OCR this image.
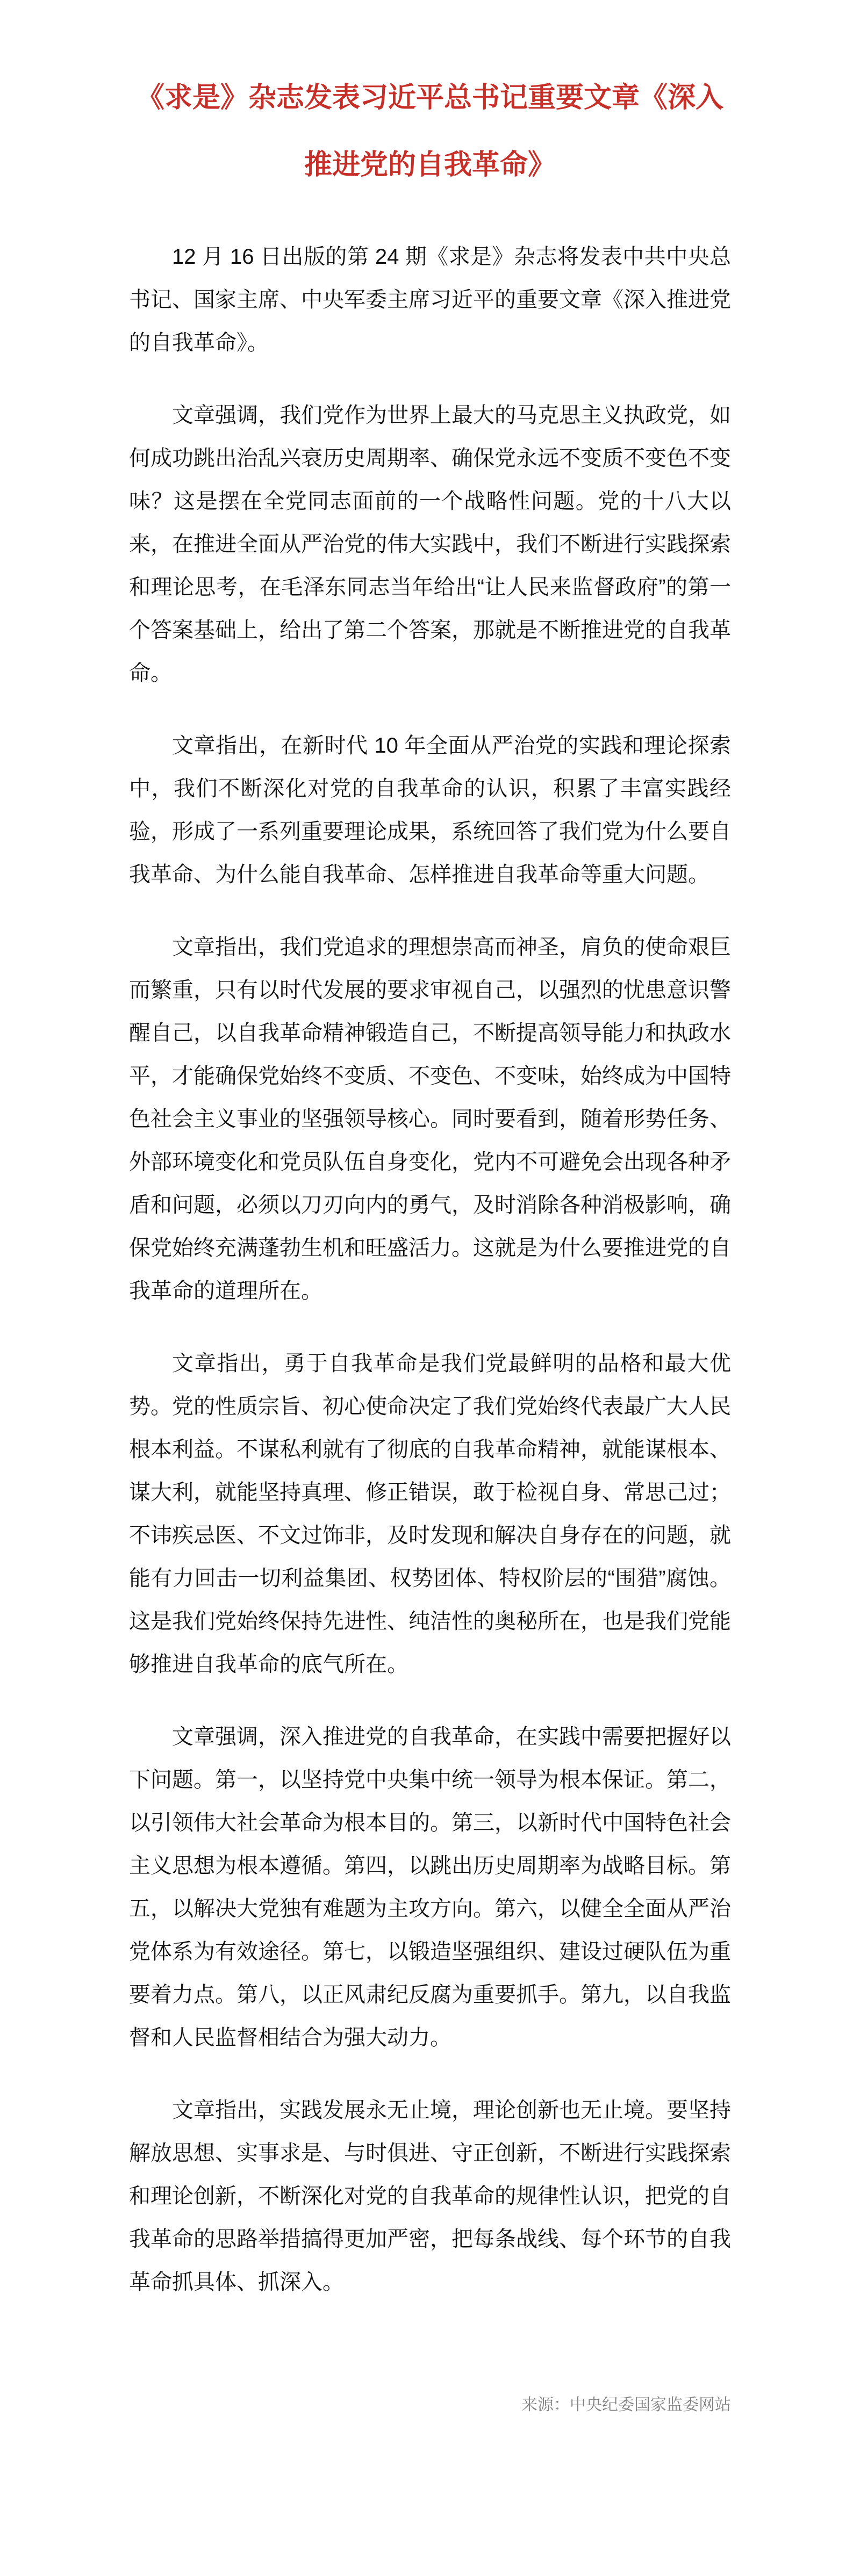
《求是》杂志发表习近平总书记重要文章《深入推进党的自我革命》

12 月 16 日出版的第 24 期《求是》杂志将发表中共中央总书记、国家主席、中央军委主席习近平的重要文章《深入推进党的自我革命》。

文章强调，我们党作为世界上最大的马克思主义执政党，如何成功跳出治乱兴衰历史周期率、确保党永远不变质不变色不变味？这是摆在全党同志面前的一个战略性问题。党的十八大以来，在推进全面从严治党的伟大实践中，我们不断进行实践探索和理论思考，在毛泽东同志当年给出“让人民来监督政府”的第一个答案基础上，给出了第二个答案，那就是不断推进党的自我革命。

文章指出，在新时代 10 年全面从严治党的实践和理论探索中，我们不断深化对党的自我革命的认识，积累了丰富实践经验，形成了一系列重要理论成果，系统回答了我们党为什么要自我革命、为什么能自我革命、怎样推进自我革命等重大问题。

文章指出，我们党追求的理想崇高而神圣，肩负的使命艰巨而繁重，只有以时代发展的要求审视自己，以强烈的忧患意识警醒自己，以自我革命精神锻造自己，不断提高领导能力和执政水平，才能确保党始终不变质、不变色、不变味，始终成为中国特色社会主义事业的坚强领导核心。同时要看到，随着形势任务、外部环境变化和党员队伍自身变化，党内不可避免会出现各种矛盾和问题，必须以刀刃向内的勇气，及时消除各种消极影响，确保党始终充满蓬勃生机和旺盛活力。这就是为什么要推进党的自我革命的道理所在。

文章指出，勇于自我革命是我们党最鲜明的品格和最大优势。党的性质宗旨、初心使命决定了我们党始终代表最广大人民根本利益。不谋私利就有了彻底的自我革命精神，就能谋根本、谋大利，就能坚持真理、修正错误，敢于检视自身、常思己过；不讳疾忌医、不文过饰非，及时发现和解决自身存在的问题，就能有力回击一切利益集团、权势团体、特权阶层的“围猎”腐蚀。这是我们党始终保持先进性、纯洁性的奥秘所在，也是我们党能够推进自我革命的底气所在。

文章强调，深入推进党的自我革命，在实践中需要把握好以下问题。第一，以坚持党中央集中统一领导为根本保证。第二，以引领伟大社会革命为根本目的。第三，以新时代中国特色社会主义思想为根本遵循。第四，以跳出历史周期率为战略目标。第五，以解决大党独有难题为主攻方向。第六，以健全全面从严治党体系为有效途径。第七，以锻造坚强组织、建设过硬队伍为重要着力点。第八，以正风肃纪反腐为重要抓手。第九，以自我监督和人民监督相结合为强大动力。

文章指出，实践发展永无止境，理论创新也无止境。要坚持解放思想、实事求是、与时俱进、守正创新，不断进行实践探索和理论创新，不断深化对党的自我革命的规律性认识，把党的自我革命的思路举措搞得更加严密，把每条战线、每个环节的自我革命抓具体、抓深入。

来源：中央纪委国家监委网站
